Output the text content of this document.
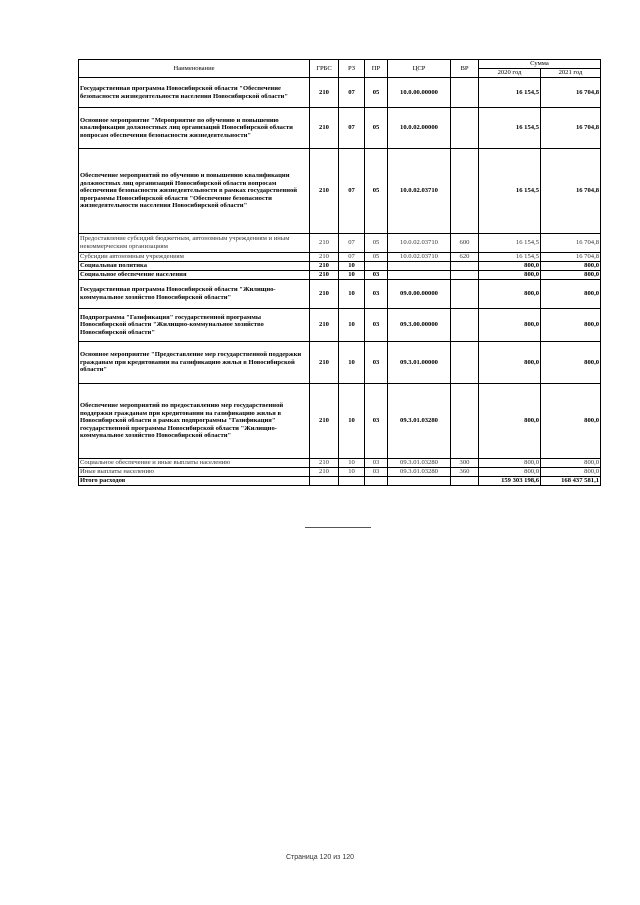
Наименование	ГРБС	РЗ	ПР	ЦСР	ВР	Сумма	
						2020 год	2021 год
Государственная программа Новосибирской области "Обеспечение безопасности жизнедеятельности населения Новосибирской области"	210	07	05	10.0.00.00000		16 154,5	16 704,8
Основное мероприятие "Мероприятие по обучению и повышению квалификации должностных лиц организаций Новосибирской области вопросам обеспечения безопасности жизнедеятельности"	210	07	05	10.0.02.00000		16 154,5	16 704,8
Обеспечение мероприятий по обучению и повышению квалификации должностных лиц организаций Новосибирской области вопросам обеспечения безопасности жизнедеятельности в рамках государственной программы Новосибирской области "Обеспечение безопасности жизнедеятельности населения Новосибирской области"	210	07	05	10.0.02.03710		16 154,5	16 704,8
Предоставление субсидий бюджетным, автономным учреждениям и иным некоммерческим организациям	210	07	05	10.0.02.03710	600	16 154,5	16 704,8
Субсидии автономным учреждениям	210	07	05	10.0.02.03710	620	16 154,5	16 704,8
Социальная политика	210	10				800,0	800,0
Социальное обеспечение населения	210	10	03			800,0	800,0
Государственная программа Новосибирской области "Жилищно-коммунальное хозяйство Новосибирской области"	210	10	03	09.0.00.00000		800,0	800,0
Подпрограмма "Газификация" государственной программы Новосибирской области "Жилищно-коммунальное хозяйство Новосибирской области"	210	10	03	09.3.00.00000		800,0	800,0
Основное мероприятие "Предоставление мер государственной поддержки гражданам при кредитовании на газификацию жилья в Новосибирской области"	210	10	03	09.3.01.00000		800,0	800,0
Обеспечение мероприятий по предоставлению мер государственной поддержки гражданам при кредитовании на газификацию жилья в Новосибирской области в рамках подпрограммы "Газификация" государственной программы Новосибирской области "Жилищно-коммунальное хозяйство Новосибирской области"	210	10	03	09.3.01.03280		800,0	800,0
Социальное обеспечение и иные выплаты населению	210	10	03	09.3.01.03280	300	800,0	800,0
Иные выплаты населению	210	10	03	09.3.01.03280	360	800,0	800,0
Итого расходов						159 303 198,6	168 437 581,1
Страница 120 из 120
